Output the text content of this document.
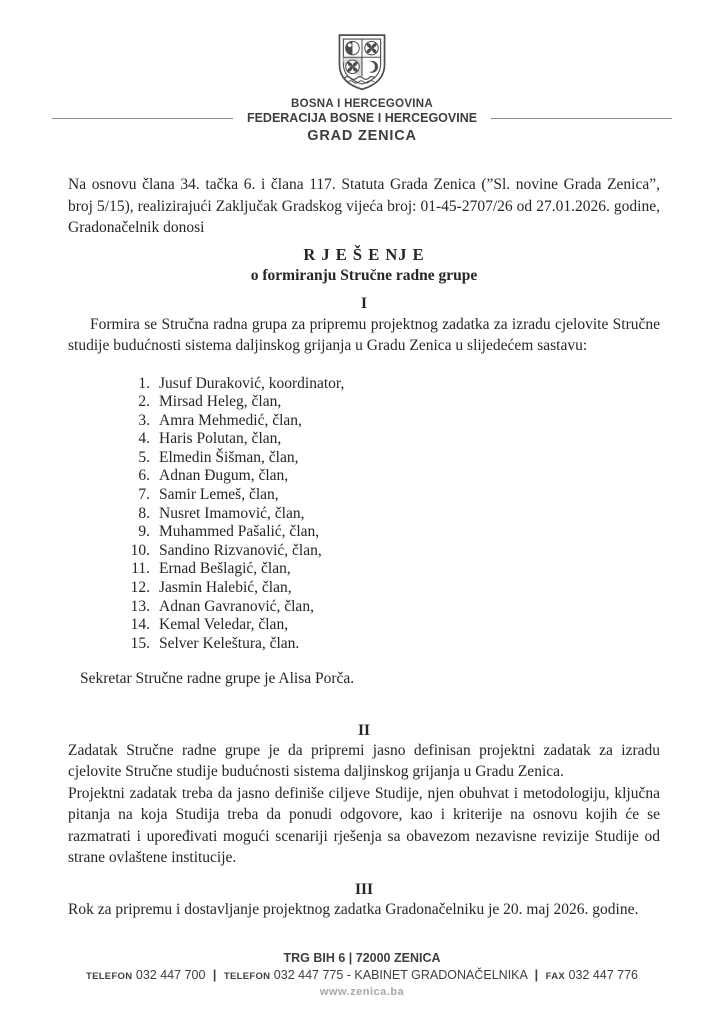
BOSNA I HERCEGOVINA
FEDERACIJA BOSNE I HERCEGOVINE
GRAD ZENICA

Na osnovu člana 34. tačka 6. i člana 117. Statuta Grada Zenica (”Sl. novine Grada Zenica”, broj 5/15), realizirajući Zaključak Gradskog vijeća broj: 01-45-2707/26 od 27.01.2026. godine, Gradonačelnik donosi

R J E Š E NJ E
o formiranju Stručne radne grupe
I

Formira se Stručna radna grupa za pripremu projektnog zadatka za izradu cjelovite Stručne studije budućnosti sistema daljinskog grijanja u Gradu Zenica u slijedećem sastavu:

1. Jusuf Duraković, koordinator,
2. Mirsad Heleg, član,
3. Amra Mehmedić, član,
4. Haris Polutan, član,
5. Elmedin Šišman, član,
6. Adnan Đugum, član,
7. Samir Lemeš, član,
8. Nusret Imamović, član,
9. Muhammed Pašalić, član,
10. Sandino Rizvanović, član,
11. Ernad Bešlagić, član,
12. Jasmin Halebić, član,
13. Adnan Gavranović, član,
14. Kemal Veledar, član,
15. Selver Keleštura, član.

Sekretar Stručne radne grupe je Alisa Porča.

II

Zadatak Stručne radne grupe je da pripremi jasno definisan projektni zadatak za izradu cjelovite Stručne studije budućnosti sistema daljinskog grijanja u Gradu Zenica.

Projektni zadatak treba da jasno definiše ciljeve Studije, njen obuhvat i metodologiju, ključna pitanja na koja Studija treba da ponudi odgovore, kao i kriterije na osnovu kojih će se razmatrati i upoređivati mogući scenariji rješenja sa obavezom nezavisne revizije Studije od strane ovlaštene institucije.

III

Rok za pripremu i dostavljanje projektnog zadatka Gradonačelniku je 20. maj 2026. godine.

TRG BIH 6 | 72000 ZENICA
TELEFON 032 447 700 | TELEFON 032 447 775 - KABINET GRADONAČELNIKA | FAX 032 447 776
www.zenica.ba
